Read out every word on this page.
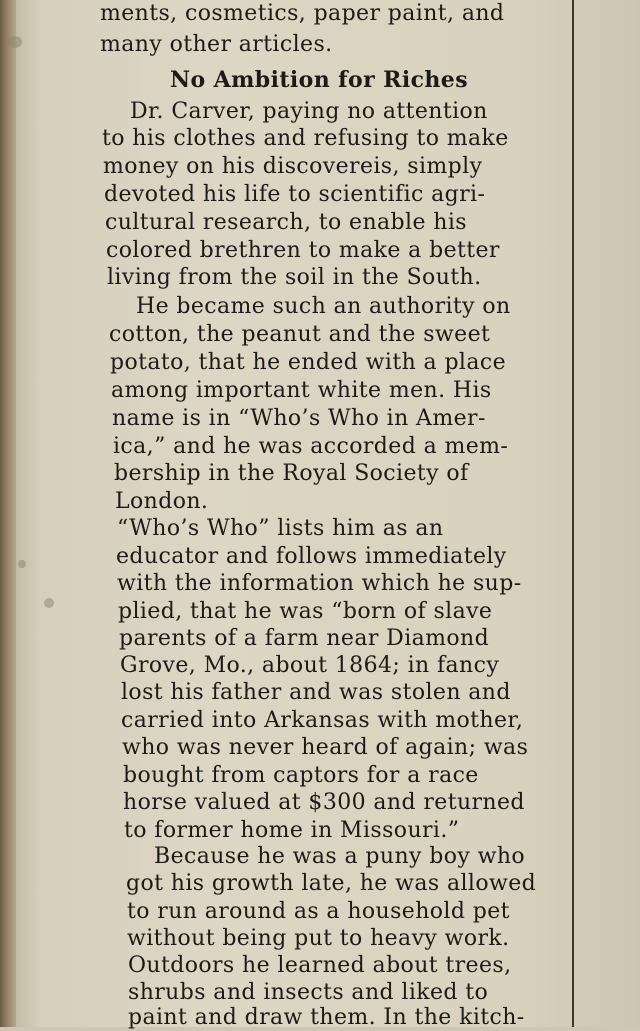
ments, cosmetics, paper paint, and
many other articles.
No Ambition for Riches
Dr. Carver, paying no attention
to his clothes and refusing to make
money on his discovereis, simply
devoted his life to scientific agri-
cultural research, to enable his
colored brethren to make a better
living from the soil in the South.
He became such an authority on
cotton, the peanut and the sweet
potato, that he ended with a place
among important white men. His
name is in “Who’s Who in Amer-
ica,” and he was accorded a mem-
bership in the Royal Society of
London.
“Who’s Who” lists him as an
educator and follows immediately
with the information which he sup-
plied, that he was “born of slave
parents of a farm near Diamond
Grove, Mo., about 1864; in fancy
lost his father and was stolen and
carried into Arkansas with mother,
who was never heard of again; was
bought from captors for a race
horse valued at $300 and returned
to former home in Missouri.”
Because he was a puny boy who
got his growth late, he was allowed
to run around as a household pet
without being put to heavy work.
Outdoors he learned about trees,
shrubs and insects and liked to
paint and draw them. In the kitch-
